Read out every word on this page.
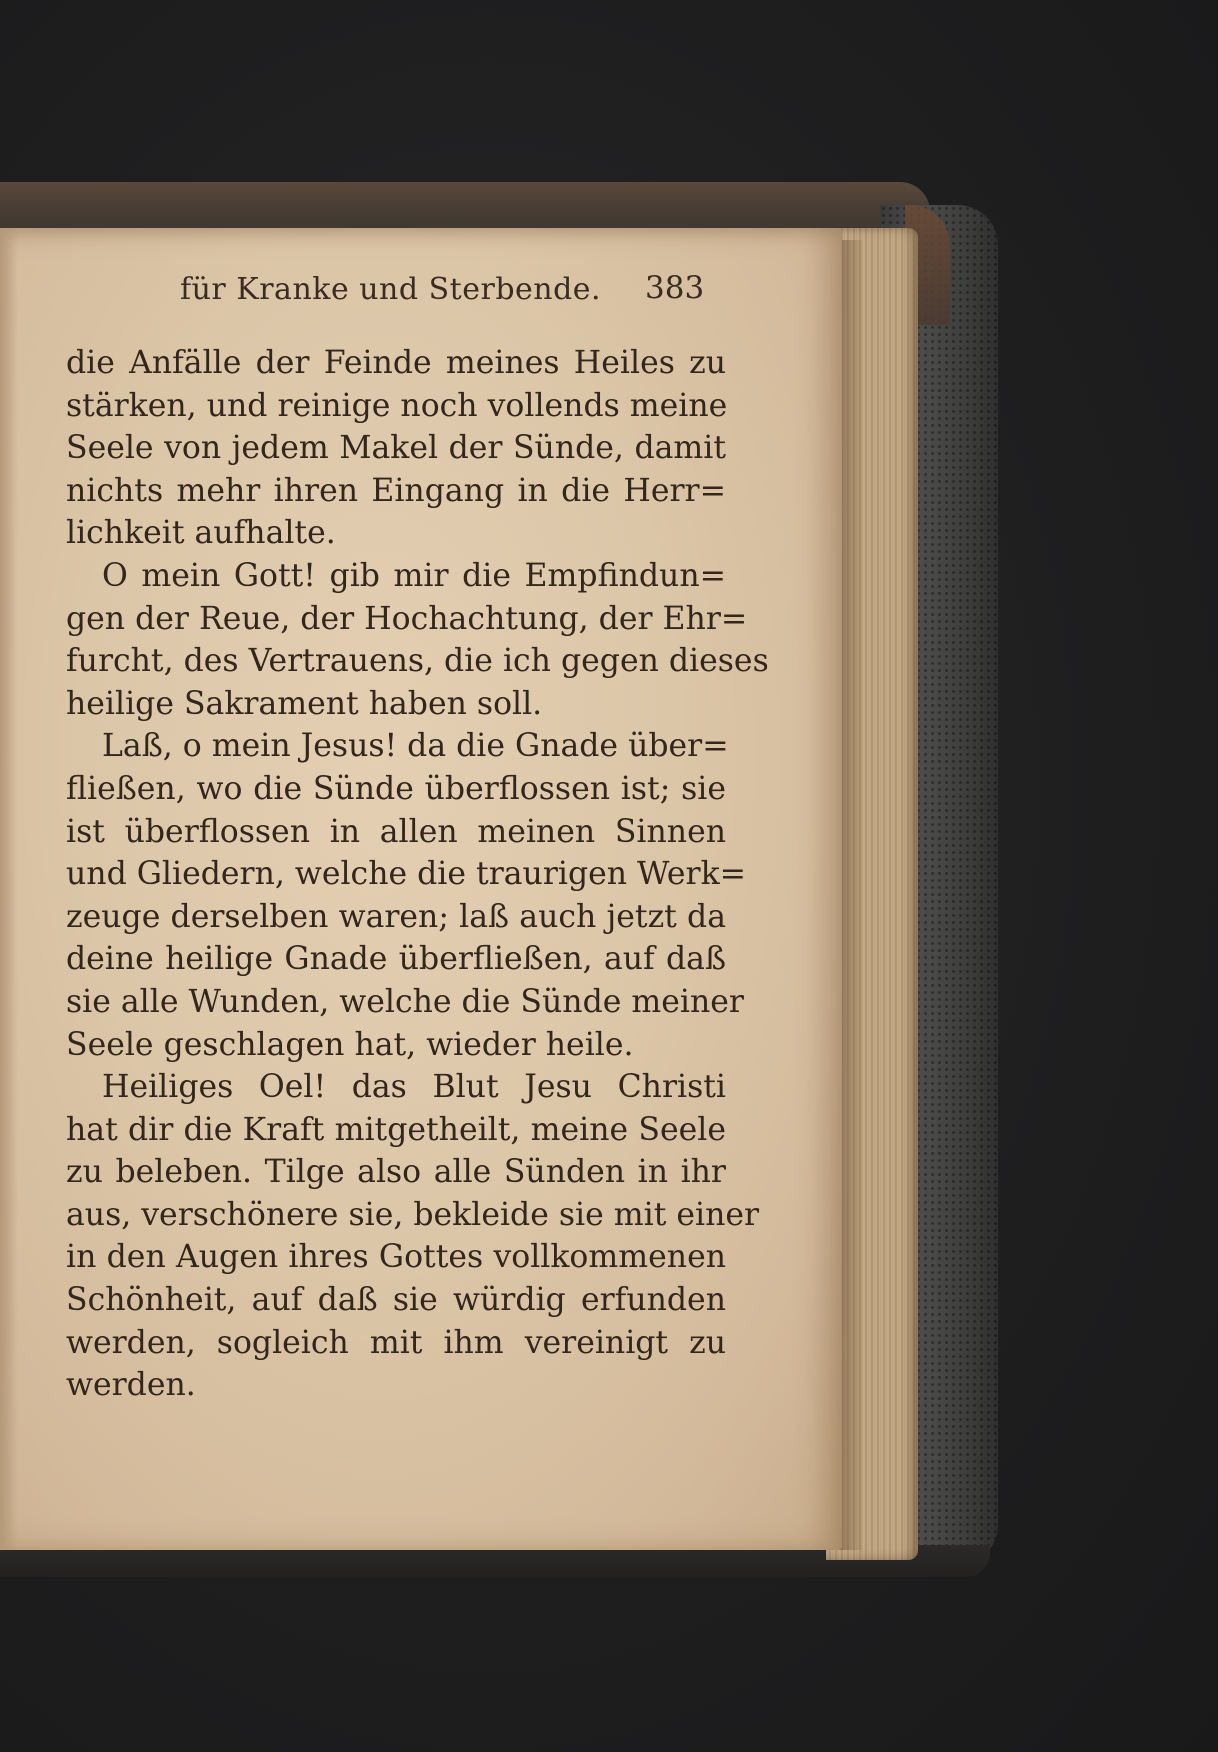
für Kranke und Sterbende. 383
die Anfälle der Feinde meines Heiles zu
stärken, und reinige noch vollends meine
Seele von jedem Makel der Sünde, damit
nichts mehr ihren Eingang in die Herr=
lichkeit aufhalte.
O mein Gott! gib mir die Empfindun=
gen der Reue, der Hochachtung, der Ehr=
furcht, des Vertrauens, die ich gegen dieses
heilige Sakrament haben soll.
Laß, o mein Jesus! da die Gnade über=
fließen, wo die Sünde überflossen ist; sie
ist überflossen in allen meinen Sinnen
und Gliedern, welche die traurigen Werk=
zeuge derselben waren; laß auch jetzt da
deine heilige Gnade überfließen, auf daß
sie alle Wunden, welche die Sünde meiner
Seele geschlagen hat, wieder heile.
Heiliges Oel! das Blut Jesu Christi
hat dir die Kraft mitgetheilt, meine Seele
zu beleben. Tilge also alle Sünden in ihr
aus, verschönere sie, bekleide sie mit einer
in den Augen ihres Gottes vollkommenen
Schönheit, auf daß sie würdig erfunden
werden, sogleich mit ihm vereinigt zu
werden.
